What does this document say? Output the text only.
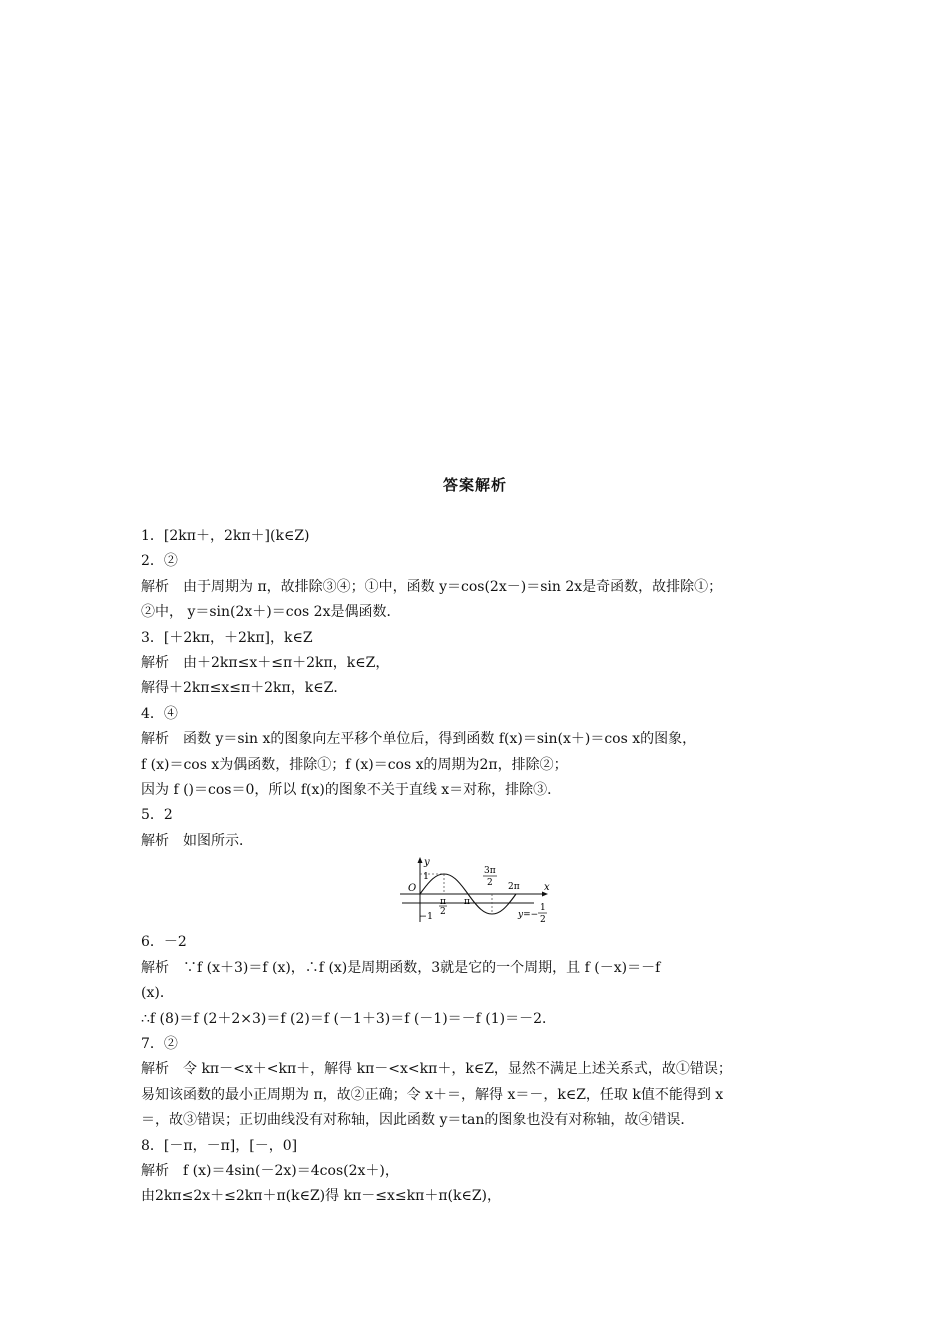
答案解析
1．[2kπ＋，2kπ＋](k∈Z)
2．②
解析　由于周期为 π，故排除③④；①中，函数 y＝cos(2x－)＝sin 2x是奇函数，故排除①；
②中， y＝sin(2x＋)＝cos 2x是偶函数．
3．[＋2kπ，＋2kπ]，k∈Z
解析　由＋2kπ≤x＋≤π＋2kπ，k∈Z，
解得＋2kπ≤x≤π＋2kπ，k∈Z．
4．④
解析　函数 y＝sin x的图象向左平移个单位后，得到函数 f(x)＝sin(x＋)＝cos x的图象，
f (x)＝cos x为偶函数，排除①；f (x)＝cos x的周期为2π，排除②；
因为 f ()＝cos＝0，所以 f(x)的图象不关于直线 x＝对称，排除③．
5．2
解析　如图所示．
y
x
O
1
−1
π
2
π
3π
2 2π
y=−
1
2
6．－2
解析　∵f (x＋3)＝f (x)，∴f (x)是周期函数，3就是它的一个周期，且 f (－x)＝－f
(x)．
∴f (8)＝f (2＋2×3)＝f (2)＝f (－1＋3)＝f (－1)＝－f (1)＝－2．
7．②
解析　令 kπ－<x＋<kπ＋，解得 kπ－<x<kπ＋，k∈Z，显然不满足上述关系式，故①错误；
易知该函数的最小正周期为 π，故②正确；令 x＋＝，解得 x＝－，k∈Z，任取 k值不能得到 x
＝，故③错误；正切曲线没有对称轴，因此函数 y＝tan的图象也没有对称轴，故④错误．
8．[－π，－π]，[－，0]
解析　f (x)＝4sin(－2x)＝4cos(2x＋)，
由2kπ≤2x＋≤2kπ＋π(k∈Z)得 kπ－≤x≤kπ＋π(k∈Z)，
